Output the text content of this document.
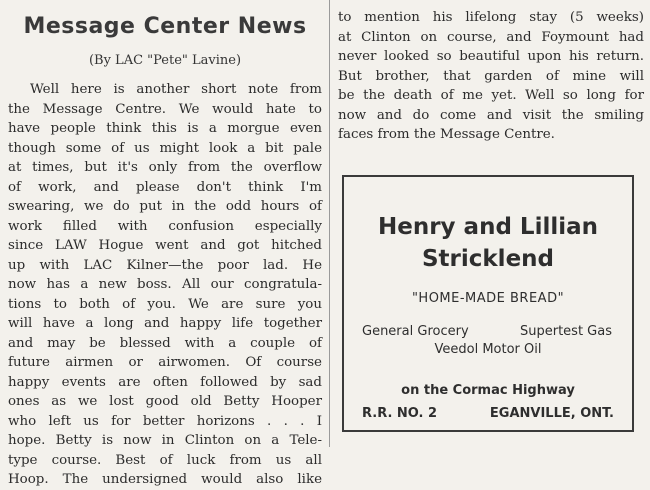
Message Center News
(By LAC "Pete" Lavine)
Well here is another short note from
the Message Centre. We would hate to
have people think this is a morgue even
though some of us might look a bit pale
at times, but it's only from the overflow
of work, and please don't think I'm
swearing, we do put in the odd hours of
work filled with confusion especially
since LAW Hogue went and got hitched
up with LAC Kilner—the poor lad. He
now has a new boss. All our congratula-
tions to both of you. We are sure you
will have a long and happy life together
and may be blessed with a couple of
future airmen or airwomen. Of course
happy events are often followed by sad
ones as we lost good old Betty Hooper
who left us for better horizons . . . I
hope. Betty is now in Clinton on a Tele-
type course. Best of luck from us all
Hoop. The undersigned would also like
to mention his lifelong stay (5 weeks)
at Clinton on course, and Foymount had
never looked so beautiful upon his return.
But brother, that garden of mine will
be the death of me yet. Well so long for
now and do come and visit the smiling
faces from the Message Centre.
Henry and Lillian
Stricklend
"HOME-MADE BREAD"
General Grocery	Supertest Gas
Veedol Motor Oil
on the Cormac Highway
R.R. NO. 2	EGANVILLE, ONT.
